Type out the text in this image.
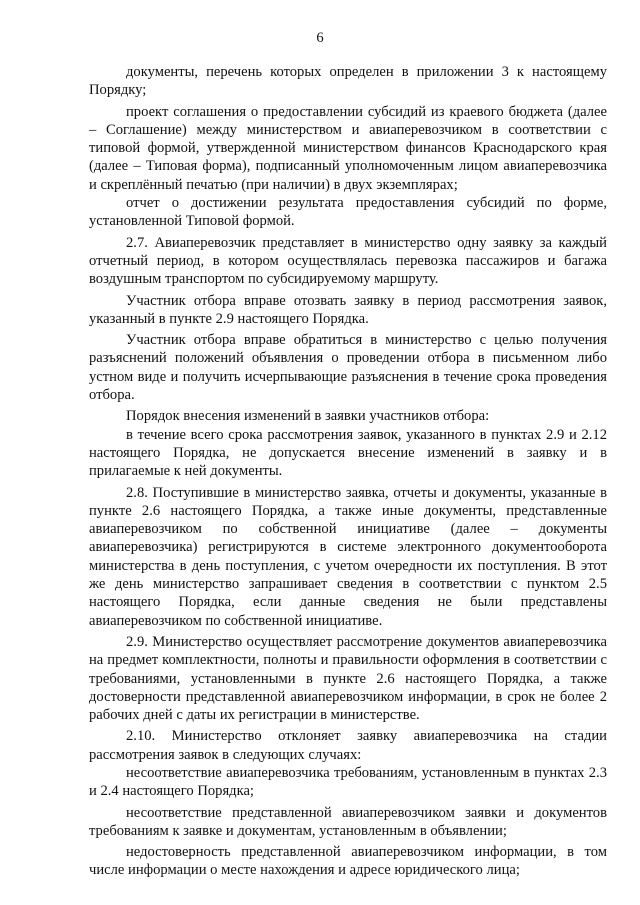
6

документы, перечень которых определен в приложении 3 к настоящему Порядку;

проект соглашения о предоставлении субсидий из краевого бюджета (далее – Соглашение) между министерством и авиаперевозчиком в соответствии с типовой формой, утвержденной министерством финансов Краснодарского края (далее – Типовая форма), подписанный уполномоченным лицом авиаперевозчика и скреплённый печатью (при наличии) в двух экземплярах;

отчет о достижении результата предоставления субсидий по форме, установленной Типовой формой.

2.7. Авиаперевозчик представляет в министерство одну заявку за каждый отчетный период, в котором осуществлялась перевозка пассажиров и багажа воздушным транспортом по субсидируемому маршруту.

Участник отбора вправе отозвать заявку в период рассмотрения заявок, указанный в пункте 2.9 настоящего Порядка.

Участник отбора вправе обратиться в министерство с целью получения разъяснений положений объявления о проведении отбора в письменном либо устном виде и получить исчерпывающие разъяснения в течение срока проведения отбора.

Порядок внесения изменений в заявки участников отбора:

в течение всего срока рассмотрения заявок, указанного в пунктах 2.9 и 2.12 настоящего Порядка, не допускается внесение изменений в заявку и в прилагаемые к ней документы.

2.8. Поступившие в министерство заявка, отчеты и документы, указанные в пункте 2.6 настоящего Порядка, а также иные документы, представленные авиаперевозчиком по собственной инициативе (далее – документы авиаперевозчика) регистрируются в системе электронного документооборота министерства в день поступления, с учетом очередности их поступления. В этот же день министерство запрашивает сведения в соответствии с пунктом 2.5 настоящего Порядка, если данные сведения не были представлены авиаперевозчиком по собственной инициативе.

2.9. Министерство осуществляет рассмотрение документов авиаперевозчика на предмет комплектности, полноты и правильности оформления в соответствии с требованиями, установленными в пункте 2.6 настоящего Порядка, а также достоверности представленной авиаперевозчиком информации, в срок не более 2 рабочих дней с даты их регистрации в министерстве.

2.10. Министерство отклоняет заявку авиаперевозчика на стадии рассмотрения заявок в следующих случаях:

несоответствие авиаперевозчика требованиям, установленным в пунктах 2.3 и 2.4 настоящего Порядка;

несоответствие представленной авиаперевозчиком заявки и документов требованиям к заявке и документам, установленным в объявлении;

недостоверность представленной авиаперевозчиком информации, в том числе информации о месте нахождения и адресе юридического лица;
